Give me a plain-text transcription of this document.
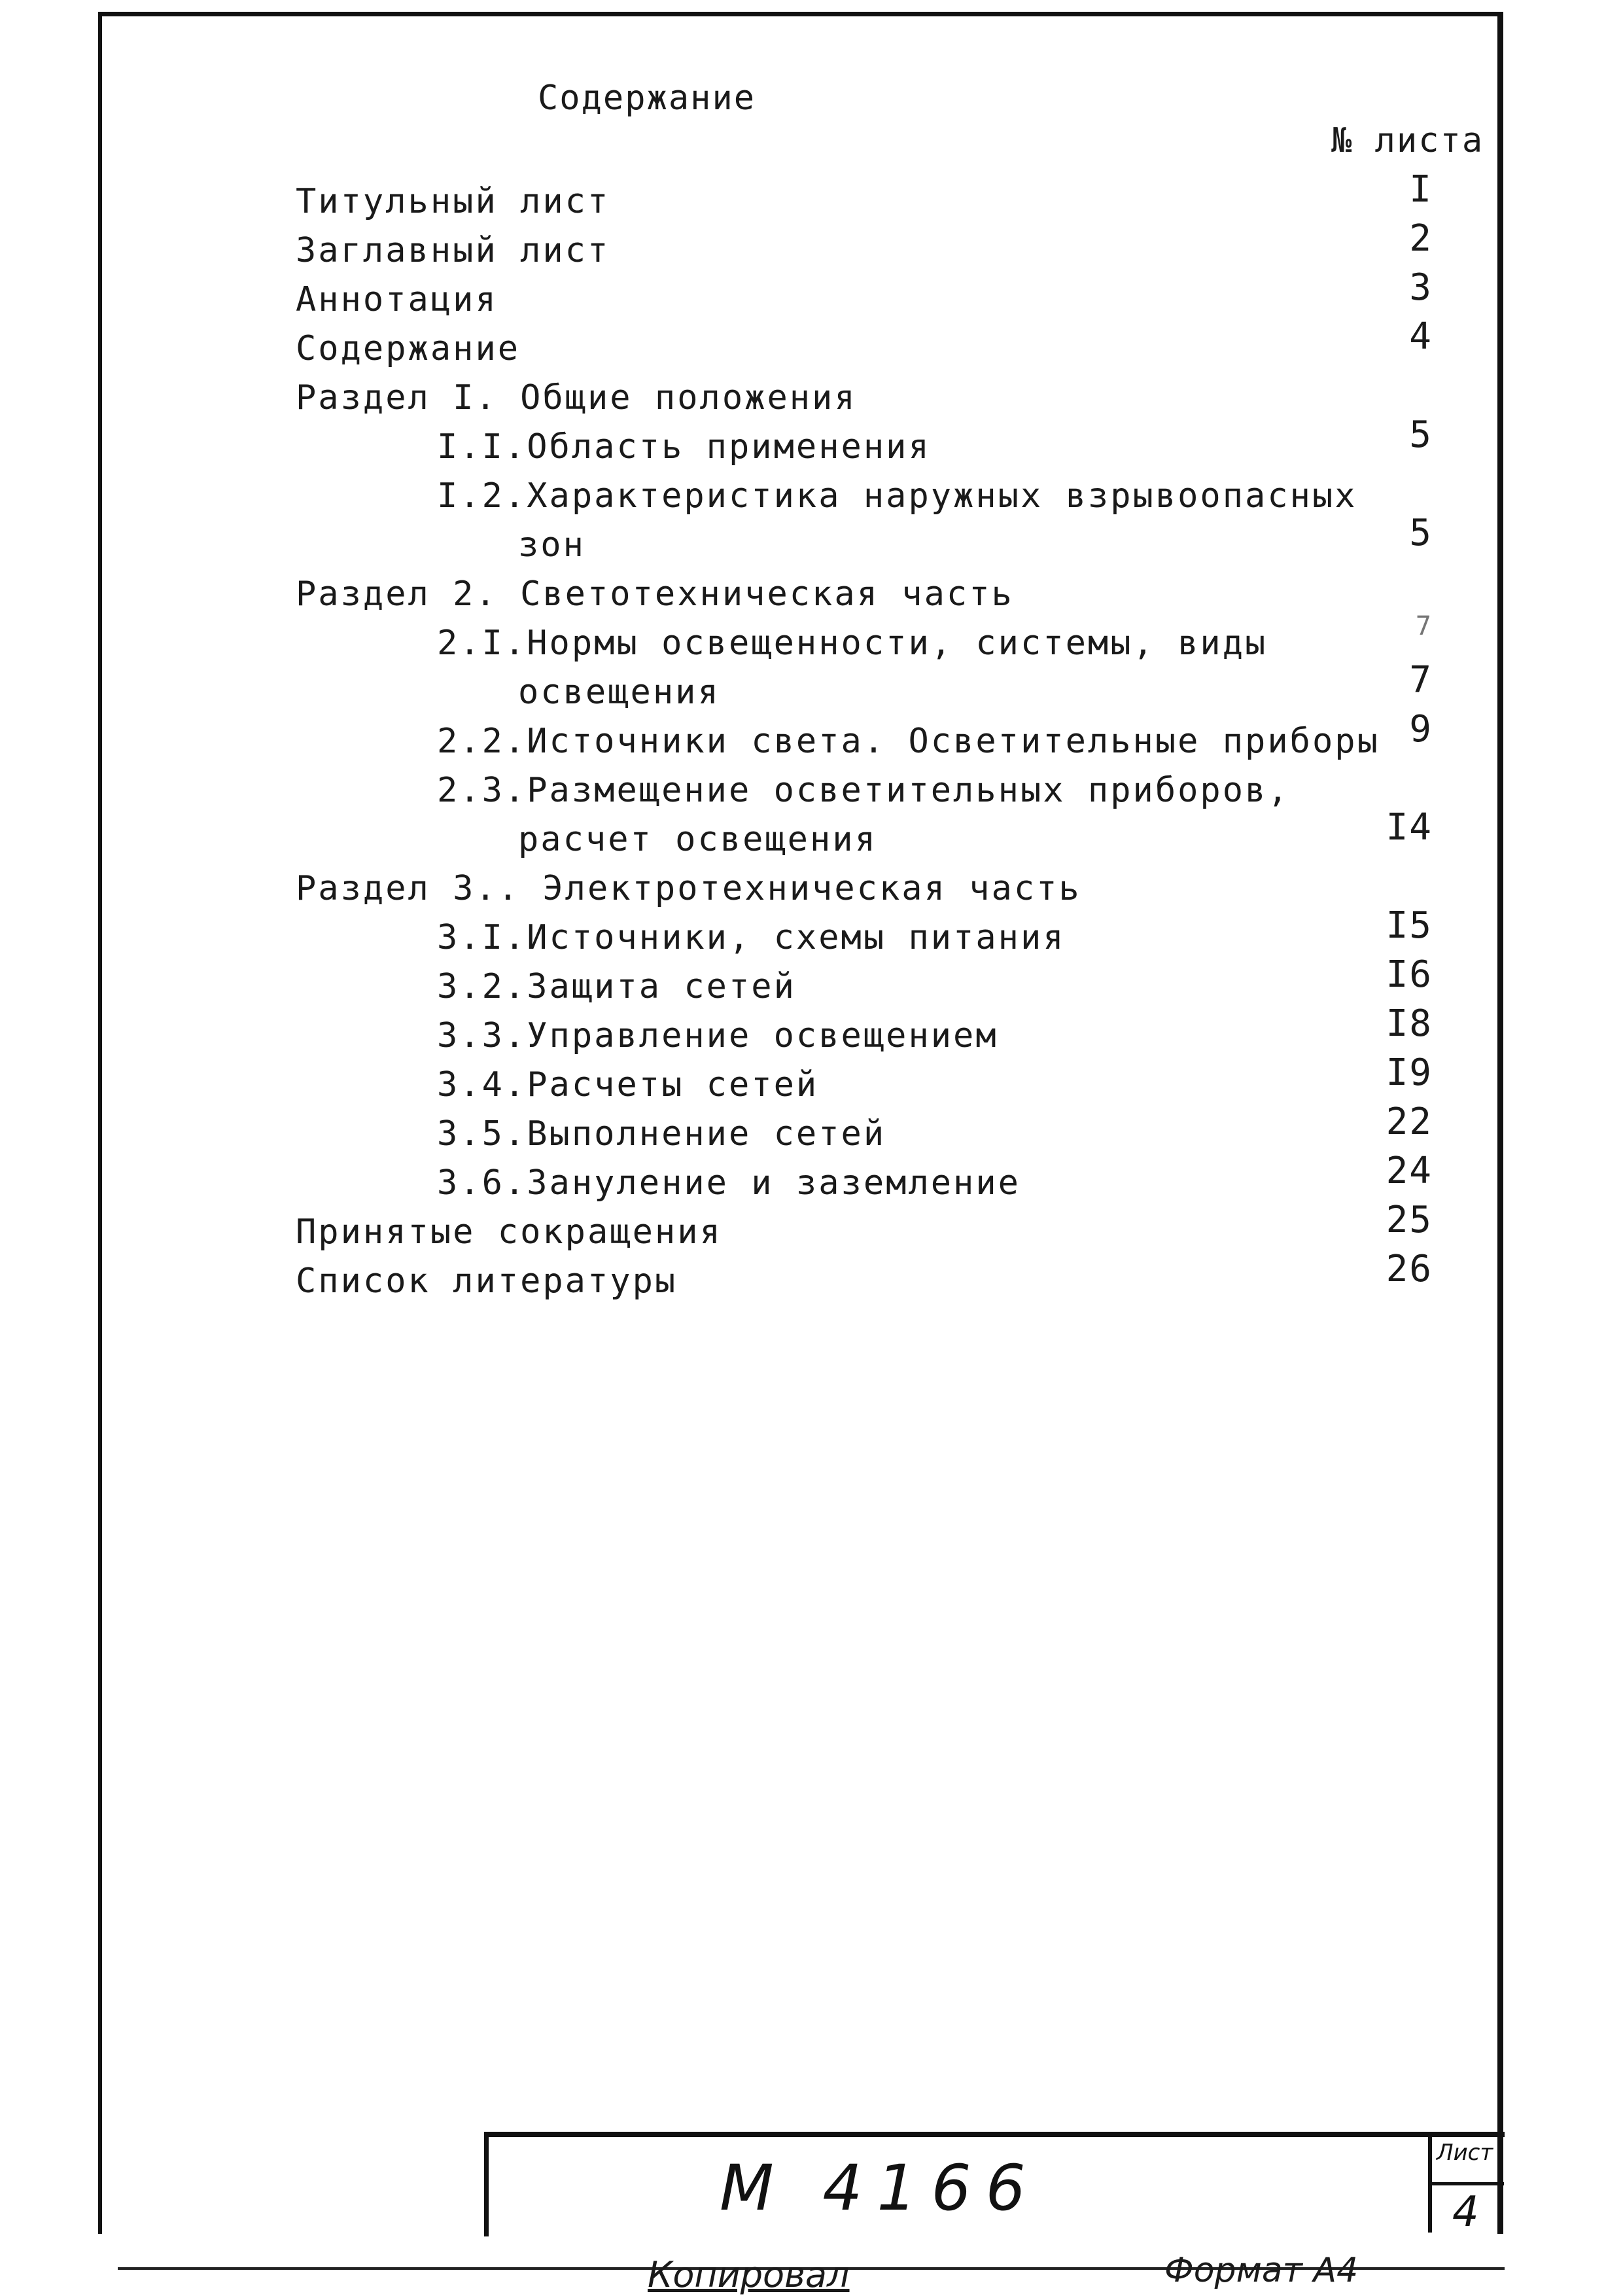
Содержание
№ листа
Титульный лист	I
Заглавный лист	2
Аннотация	3
Содержание	4
Раздел I. Общие положения
I.I.Область применения	5
I.2.Характеристика наружных взрывоопасных
зон	5
Раздел 2. Светотехническая часть
2.I.Нормы освещенности, системы, виды	7
освещения	7
2.2.Источники света. Осветительные приборы 9
2.3.Размещение осветительных приборов,
расчет освещения	I4
Раздел 3.. Электротехническая часть
3.I.Источники, схемы питания	I5
3.2.Защита сетей	I6
3.3.Управление освещением	I8
3.4.Расчеты сетей	I9
3.5.Выполнение сетей	22
3.6.Зануление и заземление	24
Принятые сокращения	25
Список литературы	26
М 4166	Лист
4
Копировал	Формат А4
